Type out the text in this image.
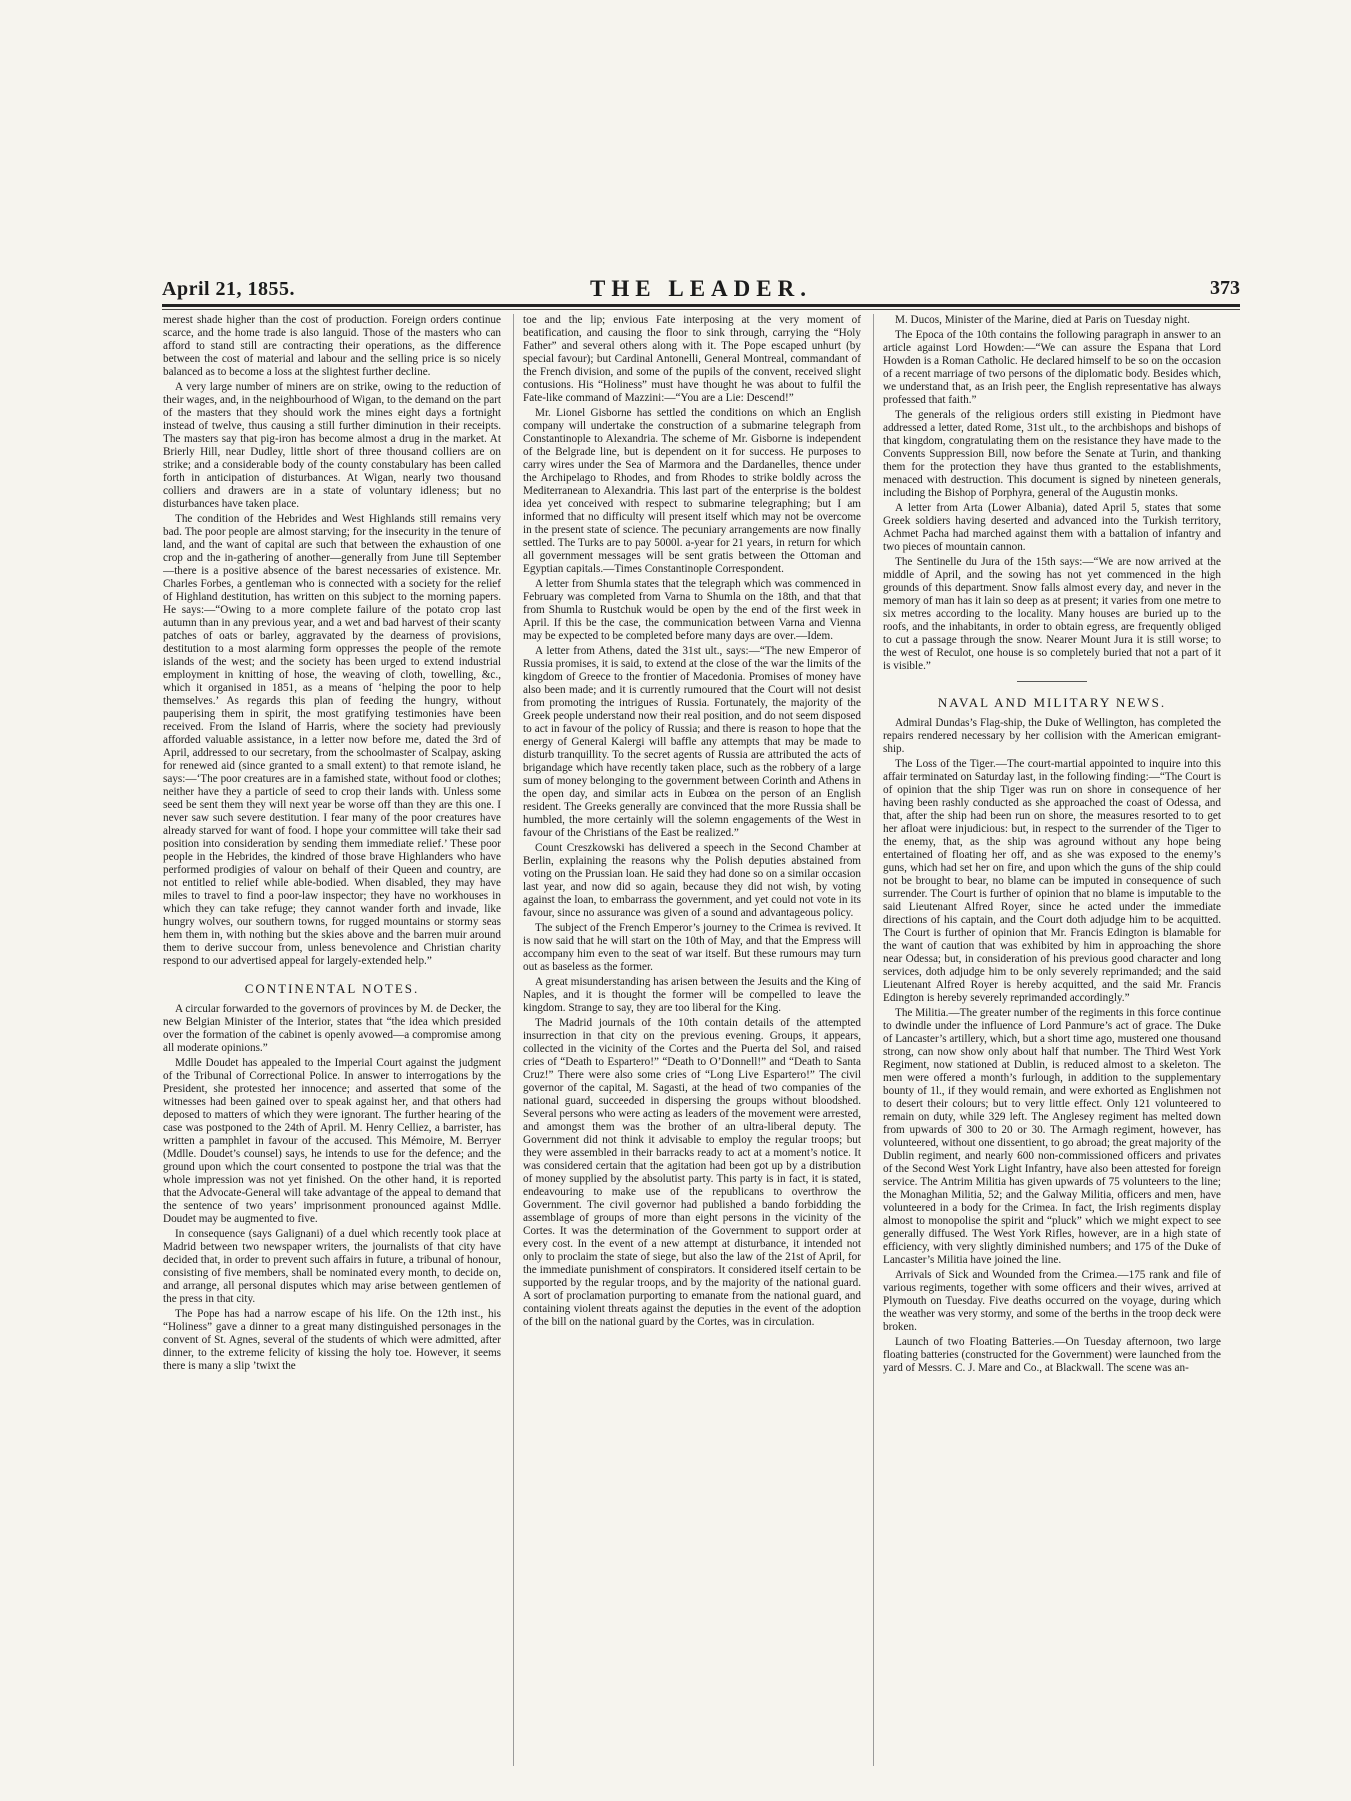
April 21, 1855.	THE LEADER.	373

merest shade higher than the cost of production. Foreign orders continue scarce, and the home trade is also languid. Those of the masters who can afford to stand still are contracting their operations, as the difference between the cost of material and labour and the selling price is so nicely balanced as to become a loss at the slightest further decline.

A very large number of miners are on strike, owing to the reduction of their wages, and, in the neighbourhood of Wigan, to the demand on the part of the masters that they should work the mines eight days a fortnight instead of twelve, thus causing a still further diminution in their receipts. The masters say that pig-iron has become almost a drug in the market. At Brierly Hill, near Dudley, little short of three thousand colliers are on strike; and a considerable body of the county constabulary has been called forth in anticipation of disturbances. At Wigan, nearly two thousand colliers and drawers are in a state of voluntary idleness; but no disturbances have taken place.

The condition of the Hebrides and West Highlands still remains very bad. The poor people are almost starving; for the insecurity in the tenure of land, and the want of capital are such that between the exhaustion of one crop and the in-gathering of another—generally from June till September—there is a positive absence of the barest necessaries of existence. Mr. Charles Forbes, a gentleman who is connected with a society for the relief of Highland destitution, has written on this subject to the morning papers. He says:—“Owing to a more complete failure of the potato crop last autumn than in any previous year, and a wet and bad harvest of their scanty patches of oats or barley, aggravated by the dearness of provisions, destitution to a most alarming form oppresses the people of the remote islands of the west; and the society has been urged to extend industrial employment in knitting of hose, the weaving of cloth, towelling, &c., which it organised in 1851, as a means of ‘helping the poor to help themselves.’ As regards this plan of feeding the hungry, without pauperising them in spirit, the most gratifying testimonies have been received. From the Island of Harris, where the society had previously afforded valuable assistance, in a letter now before me, dated the 3rd of April, addressed to our secretary, from the schoolmaster of Scalpay, asking for renewed aid (since granted to a small extent) to that remote island, he says:—‘The poor creatures are in a famished state, without food or clothes; neither have they a particle of seed to crop their lands with. Unless some seed be sent them they will next year be worse off than they are this one. I never saw such severe destitution. I fear many of the poor creatures have already starved for want of food. I hope your committee will take their sad position into consideration by sending them immediate relief.’ These poor people in the Hebrides, the kindred of those brave Highlanders who have performed prodigies of valour on behalf of their Queen and country, are not entitled to relief while able-bodied. When disabled, they may have miles to travel to find a poor-law inspector; they have no workhouses in which they can take refuge; they cannot wander forth and invade, like hungry wolves, our southern towns, for rugged mountains or stormy seas hem them in, with nothing but the skies above and the barren muir around them to derive succour from, unless benevolence and Christian charity respond to our advertised appeal for largely-extended help.”

CONTINENTAL NOTES.

A circular forwarded to the governors of provinces by M. de Decker, the new Belgian Minister of the Interior, states that “the idea which presided over the formation of the cabinet is openly avowed—a compromise among all moderate opinions.”

Mdlle Doudet has appealed to the Imperial Court against the judgment of the Tribunal of Correctional Police. In answer to interrogations by the President, she protested her innocence; and asserted that some of the witnesses had been gained over to speak against her, and that others had deposed to matters of which they were ignorant. The further hearing of the case was postponed to the 24th of April. M. Henry Celliez, a barrister, has written a pamphlet in favour of the accused. This Mémoire, M. Berryer (Mdlle. Doudet’s counsel) says, he intends to use for the defence; and the ground upon which the court consented to postpone the trial was that the whole impression was not yet finished. On the other hand, it is reported that the Advocate-General will take advantage of the appeal to demand that the sentence of two years’ imprisonment pronounced against Mdlle. Doudet may be augmented to five.

In consequence (says Galignani) of a duel which recently took place at Madrid between two newspaper writers, the journalists of that city have decided that, in order to prevent such affairs in future, a tribunal of honour, consisting of five members, shall be nominated every month, to decide on, and arrange, all personal disputes which may arise between gentlemen of the press in that city.

The Pope has had a narrow escape of his life. On the 12th inst., his “Holiness” gave a dinner to a great many distinguished personages in the convent of St. Agnes, several of the students of which were admitted, after dinner, to the extreme felicity of kissing the holy toe. However, it seems there is many a slip ’twixt the

toe and the lip; envious Fate interposing at the very moment of beatification, and causing the floor to sink through, carrying the “Holy Father” and several others along with it. The Pope escaped unhurt (by special favour); but Cardinal Antonelli, General Montreal, commandant of the French division, and some of the pupils of the convent, received slight contusions. His “Holiness” must have thought he was about to fulfil the Fate-like command of Mazzini:—“You are a Lie: Descend!”

Mr. Lionel Gisborne has settled the conditions on which an English company will undertake the construction of a submarine telegraph from Constantinople to Alexandria. The scheme of Mr. Gisborne is independent of the Belgrade line, but is dependent on it for success. He purposes to carry wires under the Sea of Marmora and the Dardanelles, thence under the Archipelago to Rhodes, and from Rhodes to strike boldly across the Mediterranean to Alexandria. This last part of the enterprise is the boldest idea yet conceived with respect to submarine telegraphing; but I am informed that no difficulty will present itself which may not be overcome in the present state of science. The pecuniary arrangements are now finally settled. The Turks are to pay 5000l. a-year for 21 years, in return for which all government messages will be sent gratis between the Ottoman and Egyptian capitals.—Times Constantinople Correspondent.

A letter from Shumla states that the telegraph which was commenced in February was completed from Varna to Shumla on the 18th, and that that from Shumla to Rustchuk would be open by the end of the first week in April. If this be the case, the communication between Varna and Vienna may be expected to be completed before many days are over.—Idem.

A letter from Athens, dated the 31st ult., says:—“The new Emperor of Russia promises, it is said, to extend at the close of the war the limits of the kingdom of Greece to the frontier of Macedonia. Promises of money have also been made; and it is currently rumoured that the Court will not desist from promoting the intrigues of Russia. Fortunately, the majority of the Greek people understand now their real position, and do not seem disposed to act in favour of the policy of Russia; and there is reason to hope that the energy of General Kalergi will baffle any attempts that may be made to disturb tranquillity. To the secret agents of Russia are attributed the acts of brigandage which have recently taken place, such as the robbery of a large sum of money belonging to the government between Corinth and Athens in the open day, and similar acts in Eubœa on the person of an English resident. The Greeks generally are convinced that the more Russia shall be humbled, the more certainly will the solemn engagements of the West in favour of the Christians of the East be realized.”

Count Creszkowski has delivered a speech in the Second Chamber at Berlin, explaining the reasons why the Polish deputies abstained from voting on the Prussian loan. He said they had done so on a similar occasion last year, and now did so again, because they did not wish, by voting against the loan, to embarrass the government, and yet could not vote in its favour, since no assurance was given of a sound and advantageous policy.

The subject of the French Emperor’s journey to the Crimea is revived. It is now said that he will start on the 10th of May, and that the Empress will accompany him even to the seat of war itself. But these rumours may turn out as baseless as the former.

A great misunderstanding has arisen between the Jesuits and the King of Naples, and it is thought the former will be compelled to leave the kingdom. Strange to say, they are too liberal for the King.

The Madrid journals of the 10th contain details of the attempted insurrection in that city on the previous evening. Groups, it appears, collected in the vicinity of the Cortes and the Puerta del Sol, and raised cries of “Death to Espartero!” “Death to O’Donnell!” and “Death to Santa Cruz!” There were also some cries of “Long Live Espartero!” The civil governor of the capital, M. Sagasti, at the head of two companies of the national guard, succeeded in dispersing the groups without bloodshed. Several persons who were acting as leaders of the movement were arrested, and amongst them was the brother of an ultra-liberal deputy. The Government did not think it advisable to employ the regular troops; but they were assembled in their barracks ready to act at a moment’s notice. It was considered certain that the agitation had been got up by a distribution of money supplied by the absolutist party. This party is in fact, it is stated, endeavouring to make use of the republicans to overthrow the Government. The civil governor had published a bando forbidding the assemblage of groups of more than eight persons in the vicinity of the Cortes. It was the determination of the Government to support order at every cost. In the event of a new attempt at disturbance, it intended not only to proclaim the state of siege, but also the law of the 21st of April, for the immediate punishment of conspirators. It considered itself certain to be supported by the regular troops, and by the majority of the national guard. A sort of proclamation purporting to emanate from the national guard, and containing violent threats against the deputies in the event of the adoption of the bill on the national guard by the Cortes, was in circulation.

M. Ducos, Minister of the Marine, died at Paris on Tuesday night.

The Epoca of the 10th contains the following paragraph in answer to an article against Lord Howden:—“We can assure the Espana that Lord Howden is a Roman Catholic. He declared himself to be so on the occasion of a recent marriage of two persons of the diplomatic body. Besides which, we understand that, as an Irish peer, the English representative has always professed that faith.”

The generals of the religious orders still existing in Piedmont have addressed a letter, dated Rome, 31st ult., to the archbishops and bishops of that kingdom, congratulating them on the resistance they have made to the Convents Suppression Bill, now before the Senate at Turin, and thanking them for the protection they have thus granted to the establishments, menaced with destruction. This document is signed by nineteen generals, including the Bishop of Porphyra, general of the Augustin monks.

A letter from Arta (Lower Albania), dated April 5, states that some Greek soldiers having deserted and advanced into the Turkish territory, Achmet Pacha had marched against them with a battalion of infantry and two pieces of mountain cannon.

The Sentinelle du Jura of the 15th says:—“We are now arrived at the middle of April, and the sowing has not yet commenced in the high grounds of this department. Snow falls almost every day, and never in the memory of man has it lain so deep as at present; it varies from one metre to six metres according to the locality. Many houses are buried up to the roofs, and the inhabitants, in order to obtain egress, are frequently obliged to cut a passage through the snow. Nearer Mount Jura it is still worse; to the west of Reculot, one house is so completely buried that not a part of it is visible.”

NAVAL AND MILITARY NEWS.

Admiral Dundas’s Flag-ship, the Duke of Wellington, has completed the repairs rendered necessary by her collision with the American emigrant-ship.

The Loss of the Tiger.—The court-martial appointed to inquire into this affair terminated on Saturday last, in the following finding:—“The Court is of opinion that the ship Tiger was run on shore in consequence of her having been rashly conducted as she approached the coast of Odessa, and that, after the ship had been run on shore, the measures resorted to to get her afloat were injudicious: but, in respect to the surrender of the Tiger to the enemy, that, as the ship was aground without any hope being entertained of floating her off, and as she was exposed to the enemy’s guns, which had set her on fire, and upon which the guns of the ship could not be brought to bear, no blame can be imputed in consequence of such surrender. The Court is further of opinion that no blame is imputable to the said Lieutenant Alfred Royer, since he acted under the immediate directions of his captain, and the Court doth adjudge him to be acquitted. The Court is further of opinion that Mr. Francis Edington is blamable for the want of caution that was exhibited by him in approaching the shore near Odessa; but, in consideration of his previous good character and long services, doth adjudge him to be only severely reprimanded; and the said Lieutenant Alfred Royer is hereby acquitted, and the said Mr. Francis Edington is hereby severely reprimanded accordingly.”

The Militia.—The greater number of the regiments in this force continue to dwindle under the influence of Lord Panmure’s act of grace. The Duke of Lancaster’s artillery, which, but a short time ago, mustered one thousand strong, can now show only about half that number. The Third West York Regiment, now stationed at Dublin, is reduced almost to a skeleton. The men were offered a month’s furlough, in addition to the supplementary bounty of 1l., if they would remain, and were exhorted as Englishmen not to desert their colours; but to very little effect. Only 121 volunteered to remain on duty, while 329 left. The Anglesey regiment has melted down from upwards of 300 to 20 or 30. The Armagh regiment, however, has volunteered, without one dissentient, to go abroad; the great majority of the Dublin regiment, and nearly 600 non-commissioned officers and privates of the Second West York Light Infantry, have also been attested for foreign service. The Antrim Militia has given upwards of 75 volunteers to the line; the Monaghan Militia, 52; and the Galway Militia, officers and men, have volunteered in a body for the Crimea. In fact, the Irish regiments display almost to monopolise the spirit and “pluck” which we might expect to see generally diffused. The West York Rifles, however, are in a high state of efficiency, with very slightly diminished numbers; and 175 of the Duke of Lancaster’s Militia have joined the line.

Arrivals of Sick and Wounded from the Crimea.—175 rank and file of various regiments, together with some officers and their wives, arrived at Plymouth on Tuesday. Five deaths occurred on the voyage, during which the weather was very stormy, and some of the berths in the troop deck were broken.

Launch of two Floating Batteries.—On Tuesday afternoon, two large floating batteries (constructed for the Government) were launched from the yard of Messrs. C. J. Mare and Co., at Blackwall. The scene was an-
